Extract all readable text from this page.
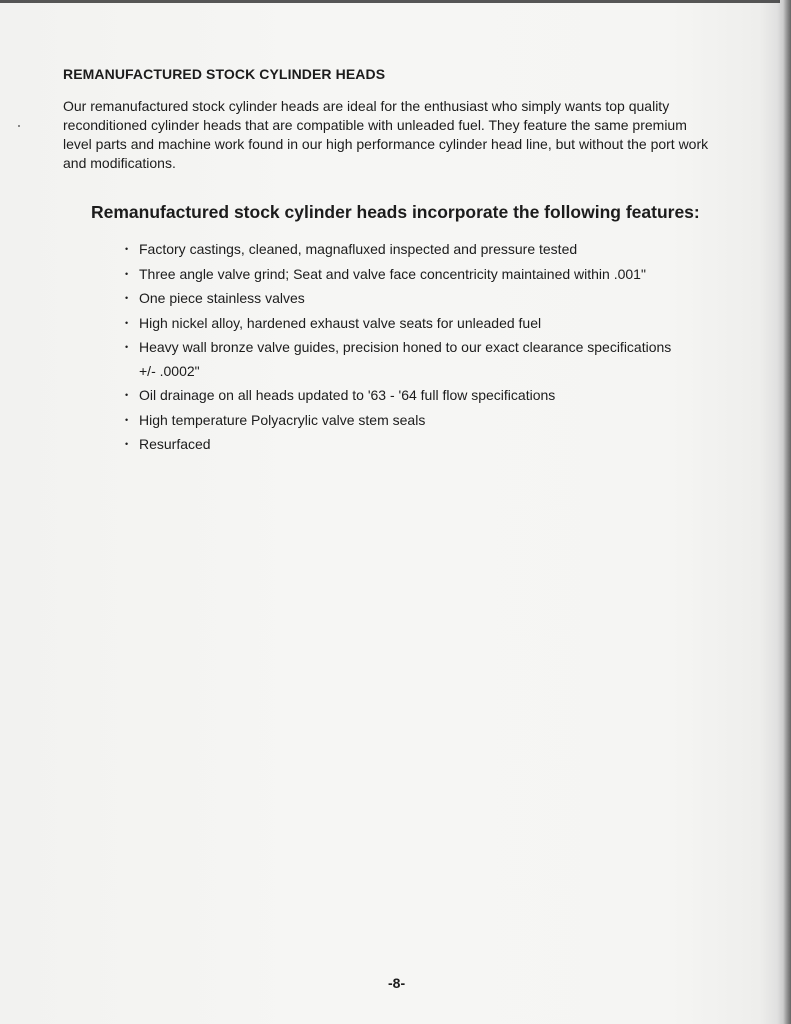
REMANUFACTURED STOCK CYLINDER HEADS

Our remanufactured stock cylinder heads are ideal for the enthusiast who simply wants top quality reconditioned cylinder heads that are compatible with unleaded fuel. They feature the same premium level parts and machine work found in our high performance cylinder head line, but without the port work and modifications.

Remanufactured stock cylinder heads incorporate the following features:
• Factory castings, cleaned, magnafluxed inspected and pressure tested
• Three angle valve grind; Seat and valve face concentricity maintained within .001"
• One piece stainless valves
• High nickel alloy, hardened exhaust valve seats for unleaded fuel
• Heavy wall bronze valve guides, precision honed to our exact clearance specifications +/- .0002"
• Oil drainage on all heads updated to '63 - '64 full flow specifications
• High temperature Polyacrylic valve stem seals
• Resurfaced

-8-
